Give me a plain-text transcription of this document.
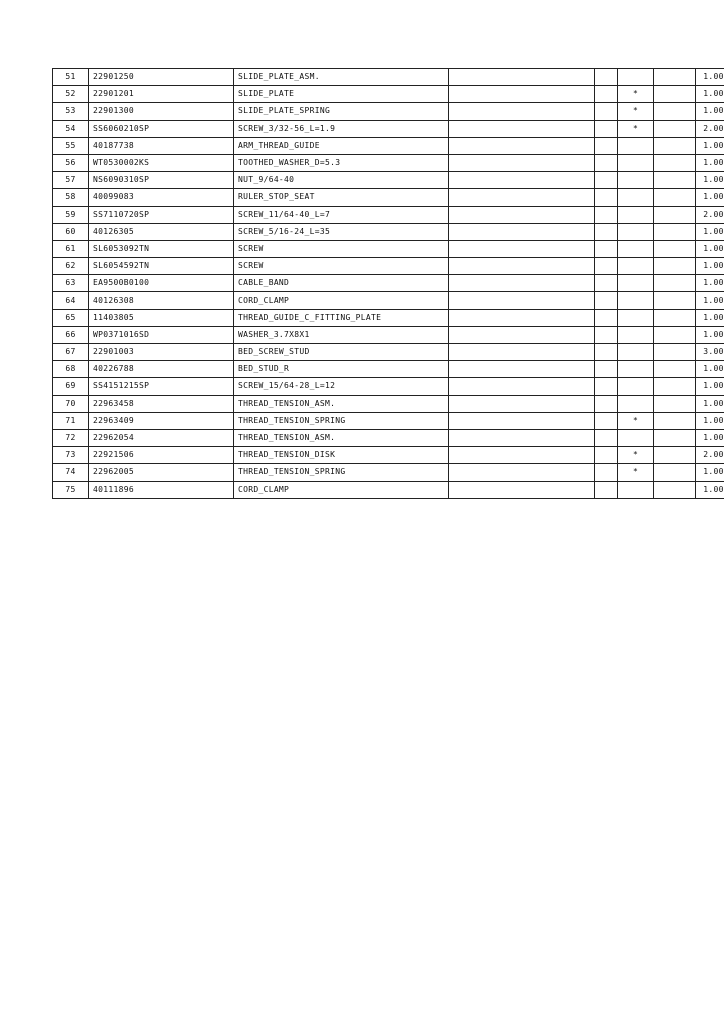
51	22901250	SLIDE_PLATE_ASM.					1.00
52	22901201	SLIDE_PLATE			*		1.00
53	22901300	SLIDE_PLATE_SPRING			*		1.00
54	SS6060210SP	SCREW_3/32-56_L=1.9			*		2.00
55	40187738	ARM_THREAD_GUIDE					1.00
56	WT0530002KS	TOOTHED_WASHER_D=5.3					1.00
57	NS6090310SP	NUT_9/64-40					1.00
58	40099083	RULER_STOP_SEAT					1.00
59	SS7110720SP	SCREW_11/64-40_L=7					2.00
60	40126305	SCREW_5/16-24_L=35					1.00
61	SL6053092TN	SCREW					1.00
62	SL6054592TN	SCREW					1.00
63	EA9500B0100	CABLE_BAND					1.00
64	40126308	CORD_CLAMP					1.00
65	11403805	THREAD_GUIDE_C_FITTING_PLATE					1.00
66	WP0371016SD	WASHER_3.7X8X1					1.00
67	22901003	BED_SCREW_STUD					3.00
68	40226788	BED_STUD_R					1.00
69	SS4151215SP	SCREW_15/64-28_L=12					1.00
70	22963458	THREAD_TENSION_ASM.					1.00
71	22963409	THREAD_TENSION_SPRING			*		1.00
72	22962054	THREAD_TENSION_ASM.					1.00
73	22921506	THREAD_TENSION_DISK			*		2.00
74	22962005	THREAD_TENSION_SPRING			*		1.00
75	40111896	CORD_CLAMP					1.00
